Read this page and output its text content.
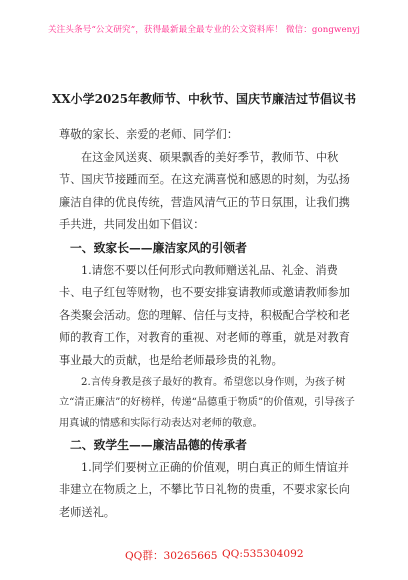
关注头条号“公文研究”，获得最新最全最专业的公文资料库！ 微信：gongwenyj
XX小学2025年教师节、中秋节、国庆节廉洁过节倡议书

尊敬的家长、亲爱的老师、同学们：

在这金风送爽、硕果飘香的美好季节，教师节、中秋节、国庆节接踵而至。在这充满喜悦和感恩的时刻，为弘扬廉洁自律的优良传统，营造风清气正的节日氛围，让我们携手共进，共同发出如下倡议：

一、致家长——廉洁家风的引领者

1.请您不要以任何形式向教师赠送礼品、礼金、消费卡、电子红包等财物，也不要安排宴请教师或邀请教师参加各类聚会活动。您的理解、信任与支持，积极配合学校和老师的教育工作，对教育的重视、对老师的尊重，就是对教育事业最大的贡献，也是给老师最珍贵的礼物。

2.言传身教是孩子最好的教育。希望您以身作则，为孩子树立“清正廉洁”的好榜样，传递“品德重于物质”的价值观，引导孩子用真诚的情感和实际行动表达对老师的敬意。

二、致学生——廉洁品德的传承者

1.同学们要树立正确的价值观，明白真正的师生情谊并非建立在物质之上，不攀比节日礼物的贵重，不要求家长向老师送礼。

QQ群：30265665 QQ:535304092
